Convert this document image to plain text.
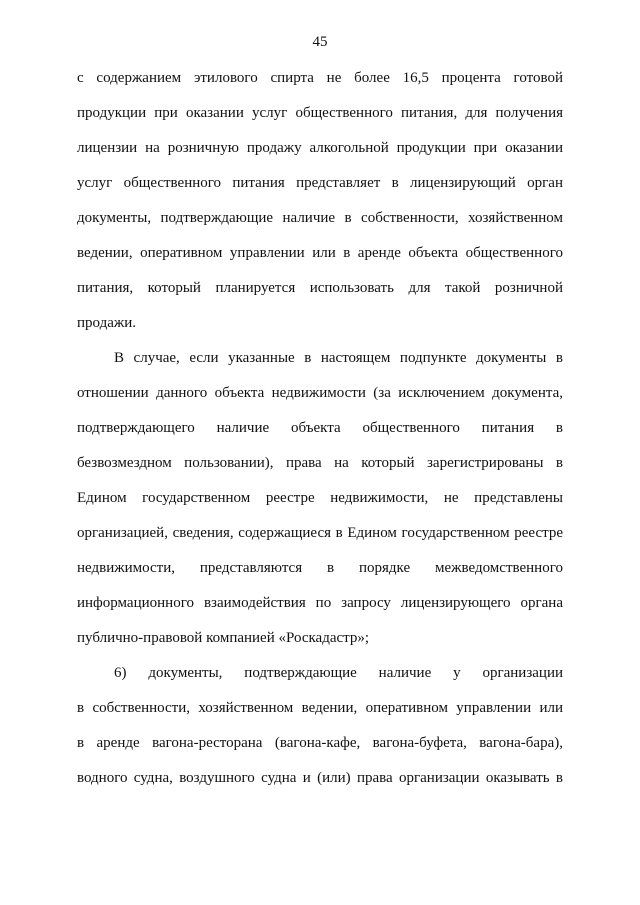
45
с содержанием этилового спирта не более 16,5 процента готовой
продукции при оказании услуг общественного питания, для получения
лицензии на розничную продажу алкогольной продукции при оказании
услуг общественного питания представляет в лицензирующий орган
документы, подтверждающие наличие в собственности, хозяйственном
ведении, оперативном управлении или в аренде объекта общественного
питания, который планируется использовать для такой розничной
продажи.
В случае, если указанные в настоящем подпункте документы в
отношении данного объекта недвижимости (за исключением документа,
подтверждающего наличие объекта общественного питания в
безвозмездном пользовании), права на который зарегистрированы в
Едином государственном реестре недвижимости, не представлены
организацией, сведения, содержащиеся в Едином государственном реестре
недвижимости, представляются в порядке межведомственного
информационного взаимодействия по запросу лицензирующего органа
публично-правовой компанией «Роскадастр»;
6) документы, подтверждающие наличие у организации
в собственности, хозяйственном ведении, оперативном управлении или
в аренде вагона-ресторана (вагона-кафе, вагона-буфета, вагона-бара),
водного судна, воздушного судна и (или) права организации оказывать в
